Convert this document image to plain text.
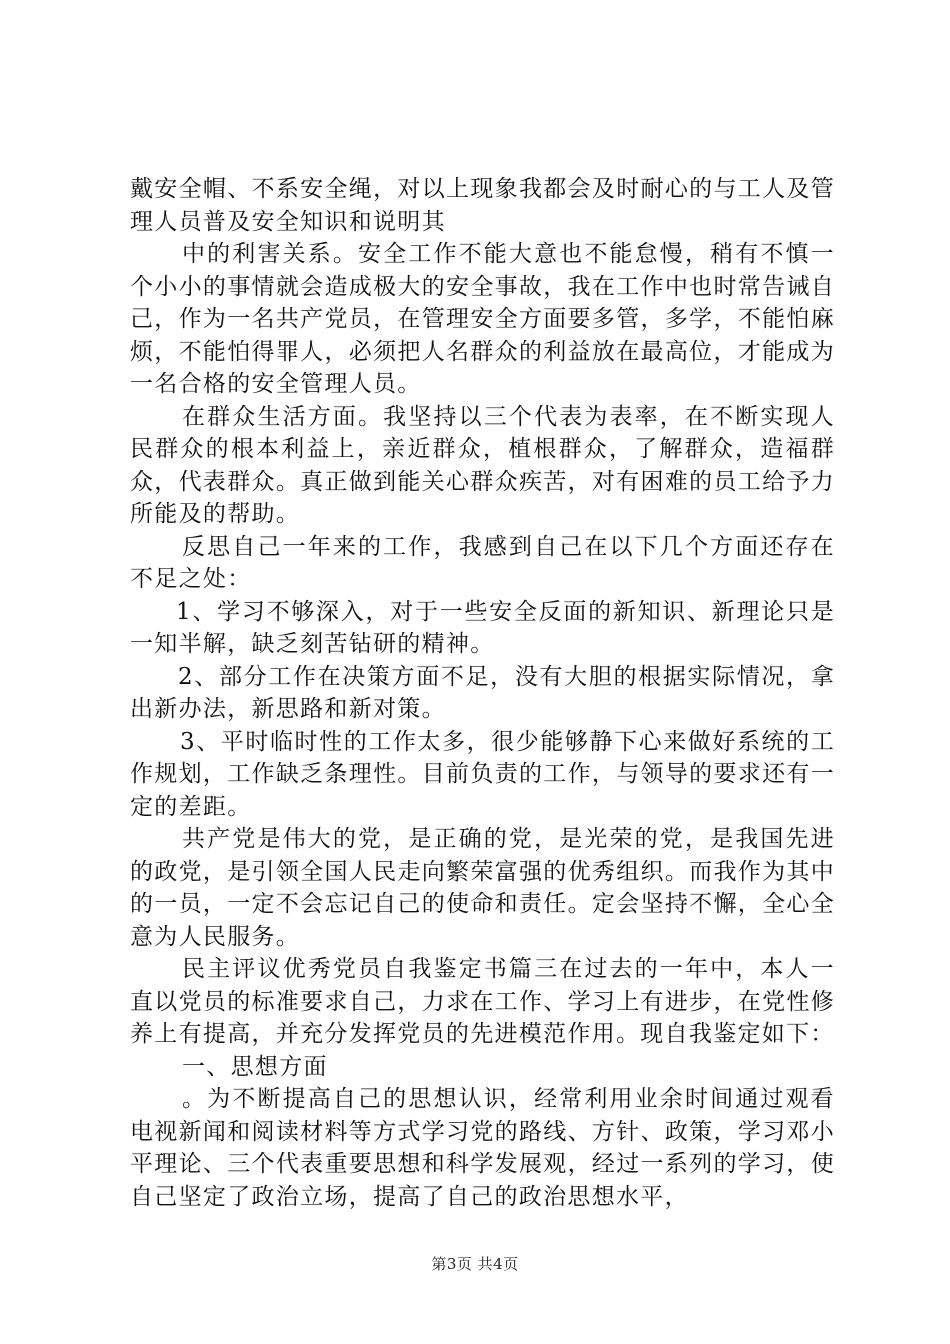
戴安全帽、不系安全绳，对以上现象我都会及时耐心的与工人及管理人员普及安全知识和说明其

中的利害关系。安全工作不能大意也不能怠慢，稍有不慎一个小小的事情就会造成极大的安全事故，我在工作中也时常告诫自己，作为一名共产党员，在管理安全方面要多管，多学，不能怕麻烦，不能怕得罪人，必须把人名群众的利益放在最高位，才能成为一名合格的安全管理人员。

在群众生活方面。我坚持以三个代表为表率，在不断实现人民群众的根本利益上，亲近群众，植根群众，了解群众，造福群众，代表群众。真正做到能关心群众疾苦，对有困难的员工给予力所能及的帮助。

反思自己一年来的工作，我感到自己在以下几个方面还存在不足之处：

1、学习不够深入，对于一些安全反面的新知识、新理论只是一知半解，缺乏刻苦钻研的精神。

2、部分工作在决策方面不足，没有大胆的根据实际情况，拿出新办法，新思路和新对策。

3、平时临时性的工作太多，很少能够静下心来做好系统的工作规划，工作缺乏条理性。目前负责的工作，与领导的要求还有一定的差距。

共产党是伟大的党，是正确的党，是光荣的党，是我国先进的政党，是引领全国人民走向繁荣富强的优秀组织。而我作为其中的一员，一定不会忘记自己的使命和责任。定会坚持不懈，全心全意为人民服务。

民主评议优秀党员自我鉴定书篇三在过去的一年中，本人一直以党员的标准要求自己，力求在工作、学习上有进步，在党性修养上有提高，并充分发挥党员的先进模范作用。现自我鉴定如下：

一、思想方面

。为不断提高自己的思想认识，经常利用业余时间通过观看电视新闻和阅读材料等方式学习党的路线、方针、政策，学习邓小平理论、三个代表重要思想和科学发展观，经过一系列的学习，使自己坚定了政治立场，提高了自己的政治思想水平，

第3页 共4页
